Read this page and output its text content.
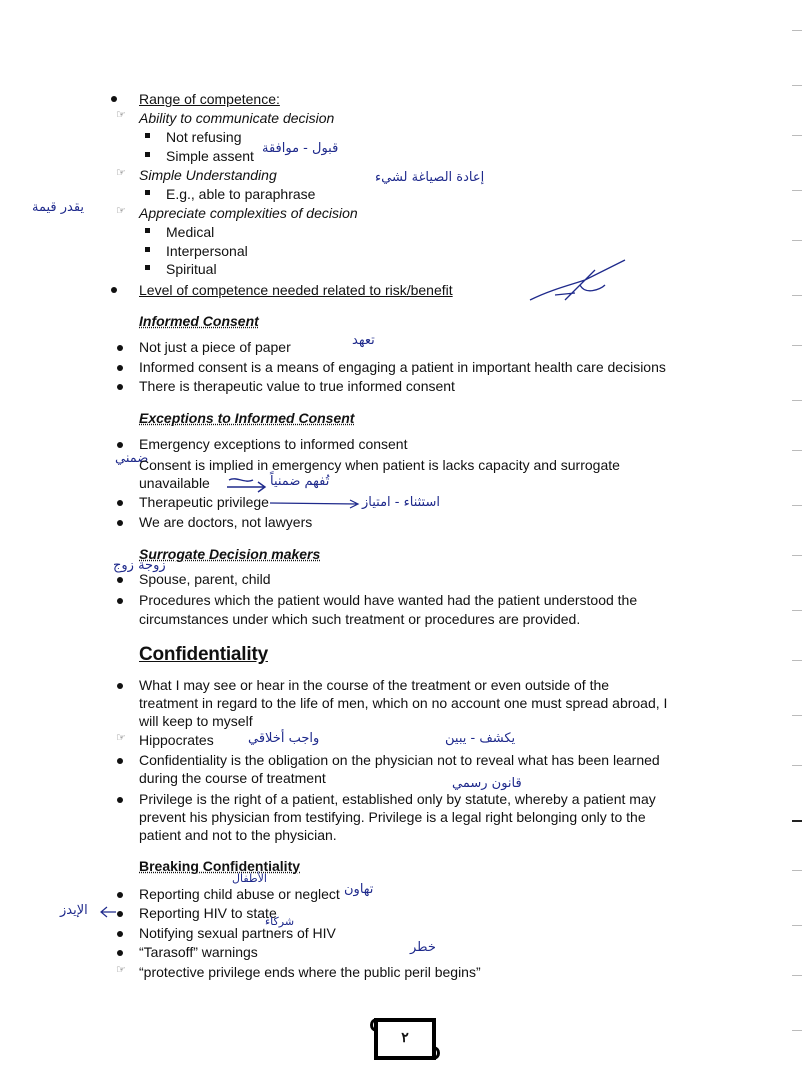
Range of competence:
☞ Ability to communicate decision
Not refusing
Simple assent قبول - موافقة
☞ Simple Understanding
E.g., able to paraphrase
إعادة الصياغة لشيء
يقدر قيمة	☞ Appreciate complexities of decision
Medical
Interpersonal
Spiritual
Level of competence needed related to risk/benefit
Informed Consent
Not just a piece of paper	تعهد
Informed consent is a means of engaging a patient in important health care decisions
There is therapeutic value to true informed consent
Exceptions to Informed Consent
Emergency exceptions to informed consent
ضمني
Consent is implied in emergency when patient is lacks capacity and surrogate
unavailable	تُفهم ضمنياً
Therapeutic privilege	استثناء - امتياز
We are doctors, not lawyers
Surrogate Decision makers
زوجة زوج
Spouse, parent, child
Procedures which the patient would have wanted had the patient understood the
circumstances under which such treatment or procedures are provided.
Confidentiality
What I may see or hear in the course of the treatment or even outside of the
treatment in regard to the life of men, which on no account one must spread abroad, I
will keep to myself
☞ Hippocrates	واجب أخلاقي	يكشف - يبين
Confidentiality is the obligation on the physician not to reveal what has been learned
during the course of treatment	قانون رسمي
Privilege is the right of a patient, established only by statute, whereby a patient may
prevent his physician from testifying. Privilege is a legal right belonging only to the
patient and not to the physician.
Breaking Confidentiality
الأطفال
Reporting child abuse or neglect تهاون
الإيدز	Reporting HIV to state
شركاء
Notifying sexual partners of HIV
خطر
“Tarasoff” warnings
☞ “protective privilege ends where the public peril begins”
٢
